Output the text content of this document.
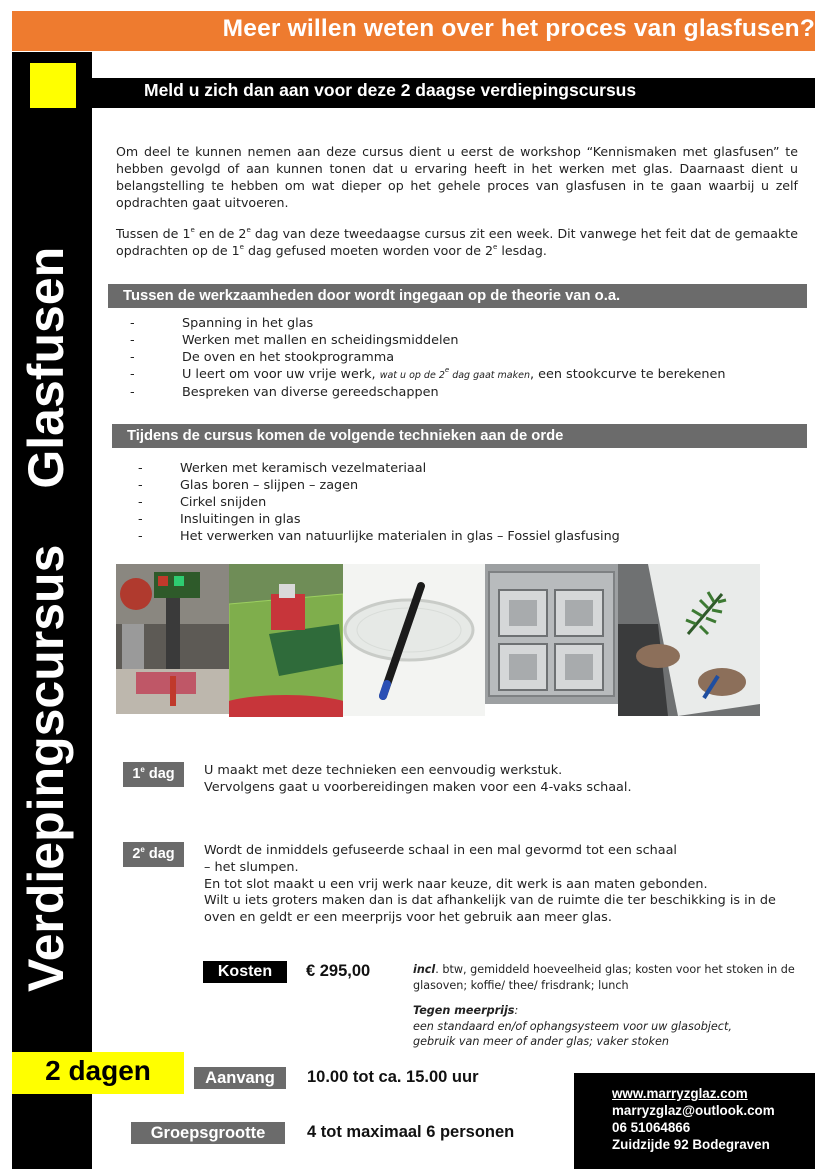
Meer willen weten over het proces van glasfusen?
VerdiepingscursusGlasfusen
Meld u zich dan aan voor deze 2 daagse verdiepingscursus

Om deel te kunnen nemen aan deze cursus dient u eerst de workshop “Kennismaken met glasfusen” te hebben gevolgd of aan kunnen tonen dat u ervaring heeft in het werken met glas. Daarnaast dient u belangstelling te hebben om wat dieper op het gehele proces van glasfusen in te gaan waarbij u zelf opdrachten gaat uitvoeren.

Tussen de 1e en de 2e dag van deze tweedaagse cursus zit een week. Dit vanwege het feit dat de gemaakte opdrachten op de 1e dag gefused moeten worden voor de 2e lesdag.

Tussen de werkzaamheden door wordt ingegaan op de theorie van o.a.
-	Spanning in het glas
-	Werken met mallen en scheidingsmiddelen
-	De oven en het stookprogramma
-	U leert om voor uw vrije werk, wat u op de 2e dag gaat maken, een stookcurve te berekenen
-	Bespreken van diverse gereedschappen
Tijdens de cursus komen de volgende technieken aan de orde
-	Werken met keramisch vezelmateriaal
-	Glas boren – slijpen – zagen
-	Cirkel snijden
-	Insluitingen in glas
-	Het verwerken van natuurlijke materialen in glas – Fossiel glasfusing
1e dag	U maakt met deze technieken een eenvoudig werkstuk.
Vervolgens gaat u voorbereidingen maken voor een 4-vaks schaal.
2e dag	Wordt de inmiddels gefuseerde schaal in een mal gevormd tot een schaal
– het slumpen.
En tot slot maakt u een vrij werk naar keuze, dit werk is aan maten gebonden.
Wilt u iets groters maken dan is dat afhankelijk van de ruimte die ter beschikking is in de oven en geldt er een meerprijs voor het gebruik aan meer glas.
Kosten	€ 295,00	incl. btw, gemiddeld hoeveelheid glas; kosten voor het stoken in de glasoven; koffie/ thee/ frisdrank; lunch
Tegen meerprijs:
een standaard en/of ophangsysteem voor uw glasobject,
gebruik van meer of ander glas; vaker stoken
2 dagen	Aanvang	10.00 tot ca. 15.00 uur
Groepsgrootte	4 tot maximaal 6 personen
www.marryzglaz.com
marryzglaz@outlook.com
06 51064866
Zuidzijde 92 Bodegraven
